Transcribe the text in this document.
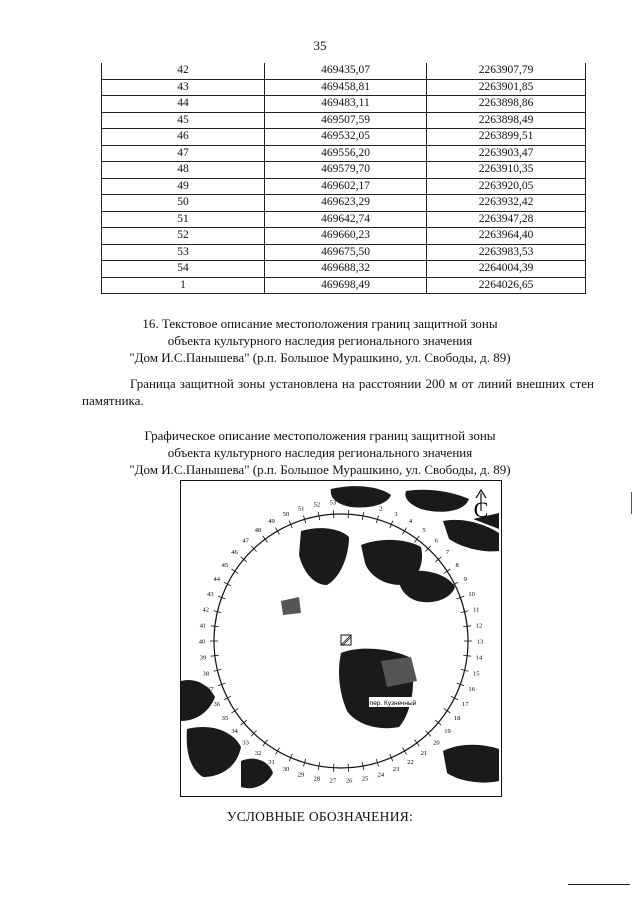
35
42	469435,07	2263907,79
43	469458,81	2263901,85
44	469483,11	2263898,86
45	469507,59	2263898,49
46	469532,05	2263899,51
47	469556,20	2263903,47
48	469579,70	2263910,35
49	469602,17	2263920,05
50	469623,29	2263932,42
51	469642,74	2263947,28
52	469660,23	2263964,40
53	469675,50	2263983,53
54	469688,32	2264004,39
1	469698,49	2264026,65
16. Текстовое описание местоположения границ защитной зоны
объекта культурного наследия регионального значения
"Дом И.С.Панышева" (р.п. Большое Мурашкино, ул. Свободы, д. 89)
Граница защитной зоны установлена на расстоянии 200 м от линий внешних стен памятника.
Графическое описание местоположения границ защитной зоны
объекта культурного наследия регионального значения
"Дом И.С.Панышева" (р.п. Большое Мурашкино, ул. Свободы, д. 89)
пер. Кузнечный
1
2
3
4
5
6
7
8
9
10
11
12
13
14
15
16
17
18
19
20
21
22
23
24
25
26
27
28
29
30
31
32
33
34
35
36
37
38
39
40
41
42
43
44
45
46
47
48
49
50
51
52 53 54	С
УСЛОВНЫЕ ОБОЗНАЧЕНИЯ:
